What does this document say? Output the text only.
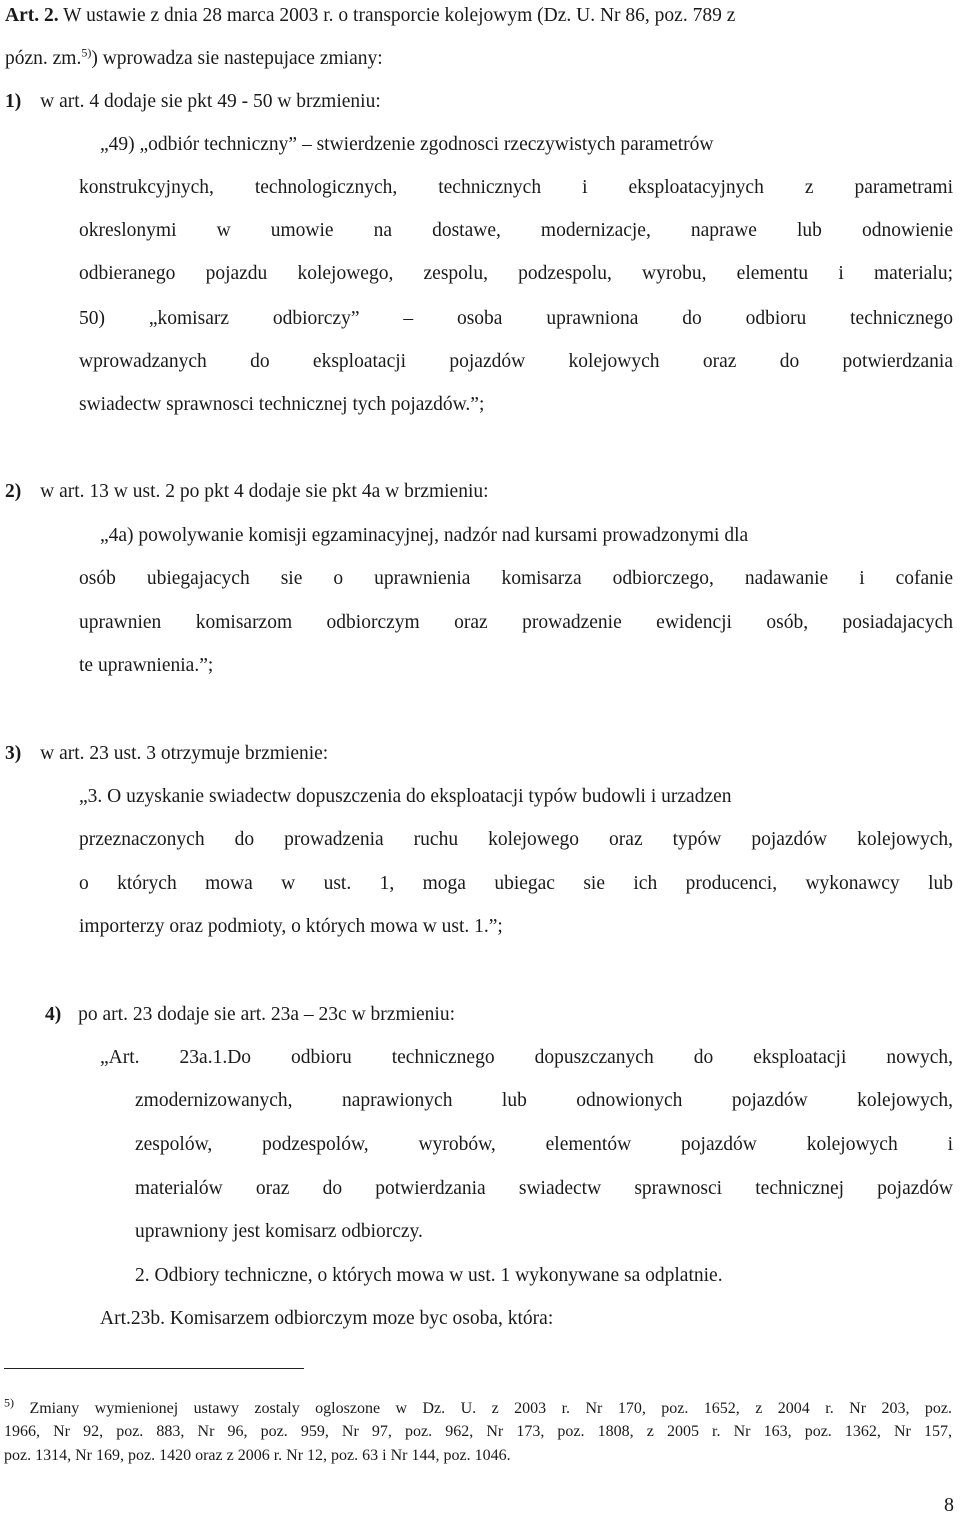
Art. 2. W ustawie z dnia 28 marca 2003 r. o transporcie kolejowym (Dz. U. Nr 86, poz. 789 z
pózn. zm.$^{5)}$) wprowadza sie nastepujace zmiany:
1) w art. 4 dodaje sie pkt 49 - 50 w brzmieniu:
„49) „odbiór techniczny” – stwierdzenie zgodnosci rzeczywistych parametrów
konstrukcyjnych, technologicznych, technicznych i eksploatacyjnych z parametrami
okreslonymi w umowie na dostawe, modernizacje, naprawe lub odnowienie
odbieranego pojazdu kolejowego, zespolu, podzespolu, wyrobu, elementu i materialu;
50) „komisarz odbiorczy” – osoba uprawniona do odbioru technicznego
wprowadzanych do eksploatacji pojazdów kolejowych oraz do potwierdzania
swiadectw sprawnosci technicznej tych pojazdów.”;
2) w art. 13 w ust. 2 po pkt 4 dodaje sie pkt 4a w brzmieniu:
„4a) powolywanie komisji egzaminacyjnej, nadzór nad kursami prowadzonymi dla
osób ubiegajacych sie o uprawnienia komisarza odbiorczego, nadawanie i cofanie
uprawnien komisarzom odbiorczym oraz prowadzenie ewidencji osób, posiadajacych
te uprawnienia.”;
3) w art. 23 ust. 3 otrzymuje brzmienie:
„3. O uzyskanie swiadectw dopuszczenia do eksploatacji typów budowli i urzadzen
przeznaczonych do prowadzenia ruchu kolejowego oraz typów pojazdów kolejowych,
o których mowa w ust. 1, moga ubiegac sie ich producenci, wykonawcy lub
importerzy oraz podmioty, o których mowa w ust. 1.”;
4) po art. 23 dodaje sie art. 23a – 23c w brzmieniu:
„Art. 23a.1.Do odbioru technicznego dopuszczanych do eksploatacji nowych,
zmodernizowanych, naprawionych lub odnowionych pojazdów kolejowych,
zespolów, podzespolów, wyrobów, elementów pojazdów kolejowych i
materialów oraz do potwierdzania swiadectw sprawnosci technicznej pojazdów
uprawniony jest komisarz odbiorczy.
2. Odbiory techniczne, o których mowa w ust. 1 wykonywane sa odplatnie.
Art.23b. Komisarzem odbiorczym moze byc osoba, która:
$^{5)}$ Zmiany wymienionej ustawy zostaly ogloszone w Dz. U. z 2003 r. Nr 170, poz. 1652, z 2004 r. Nr 203, poz.
1966, Nr 92, poz. 883, Nr 96, poz. 959, Nr 97, poz. 962, Nr 173, poz. 1808, z 2005 r. Nr 163, poz. 1362, Nr 157,
poz. 1314, Nr 169, poz. 1420 oraz z 2006 r. Nr 12, poz. 63 i Nr 144, poz. 1046.
8
